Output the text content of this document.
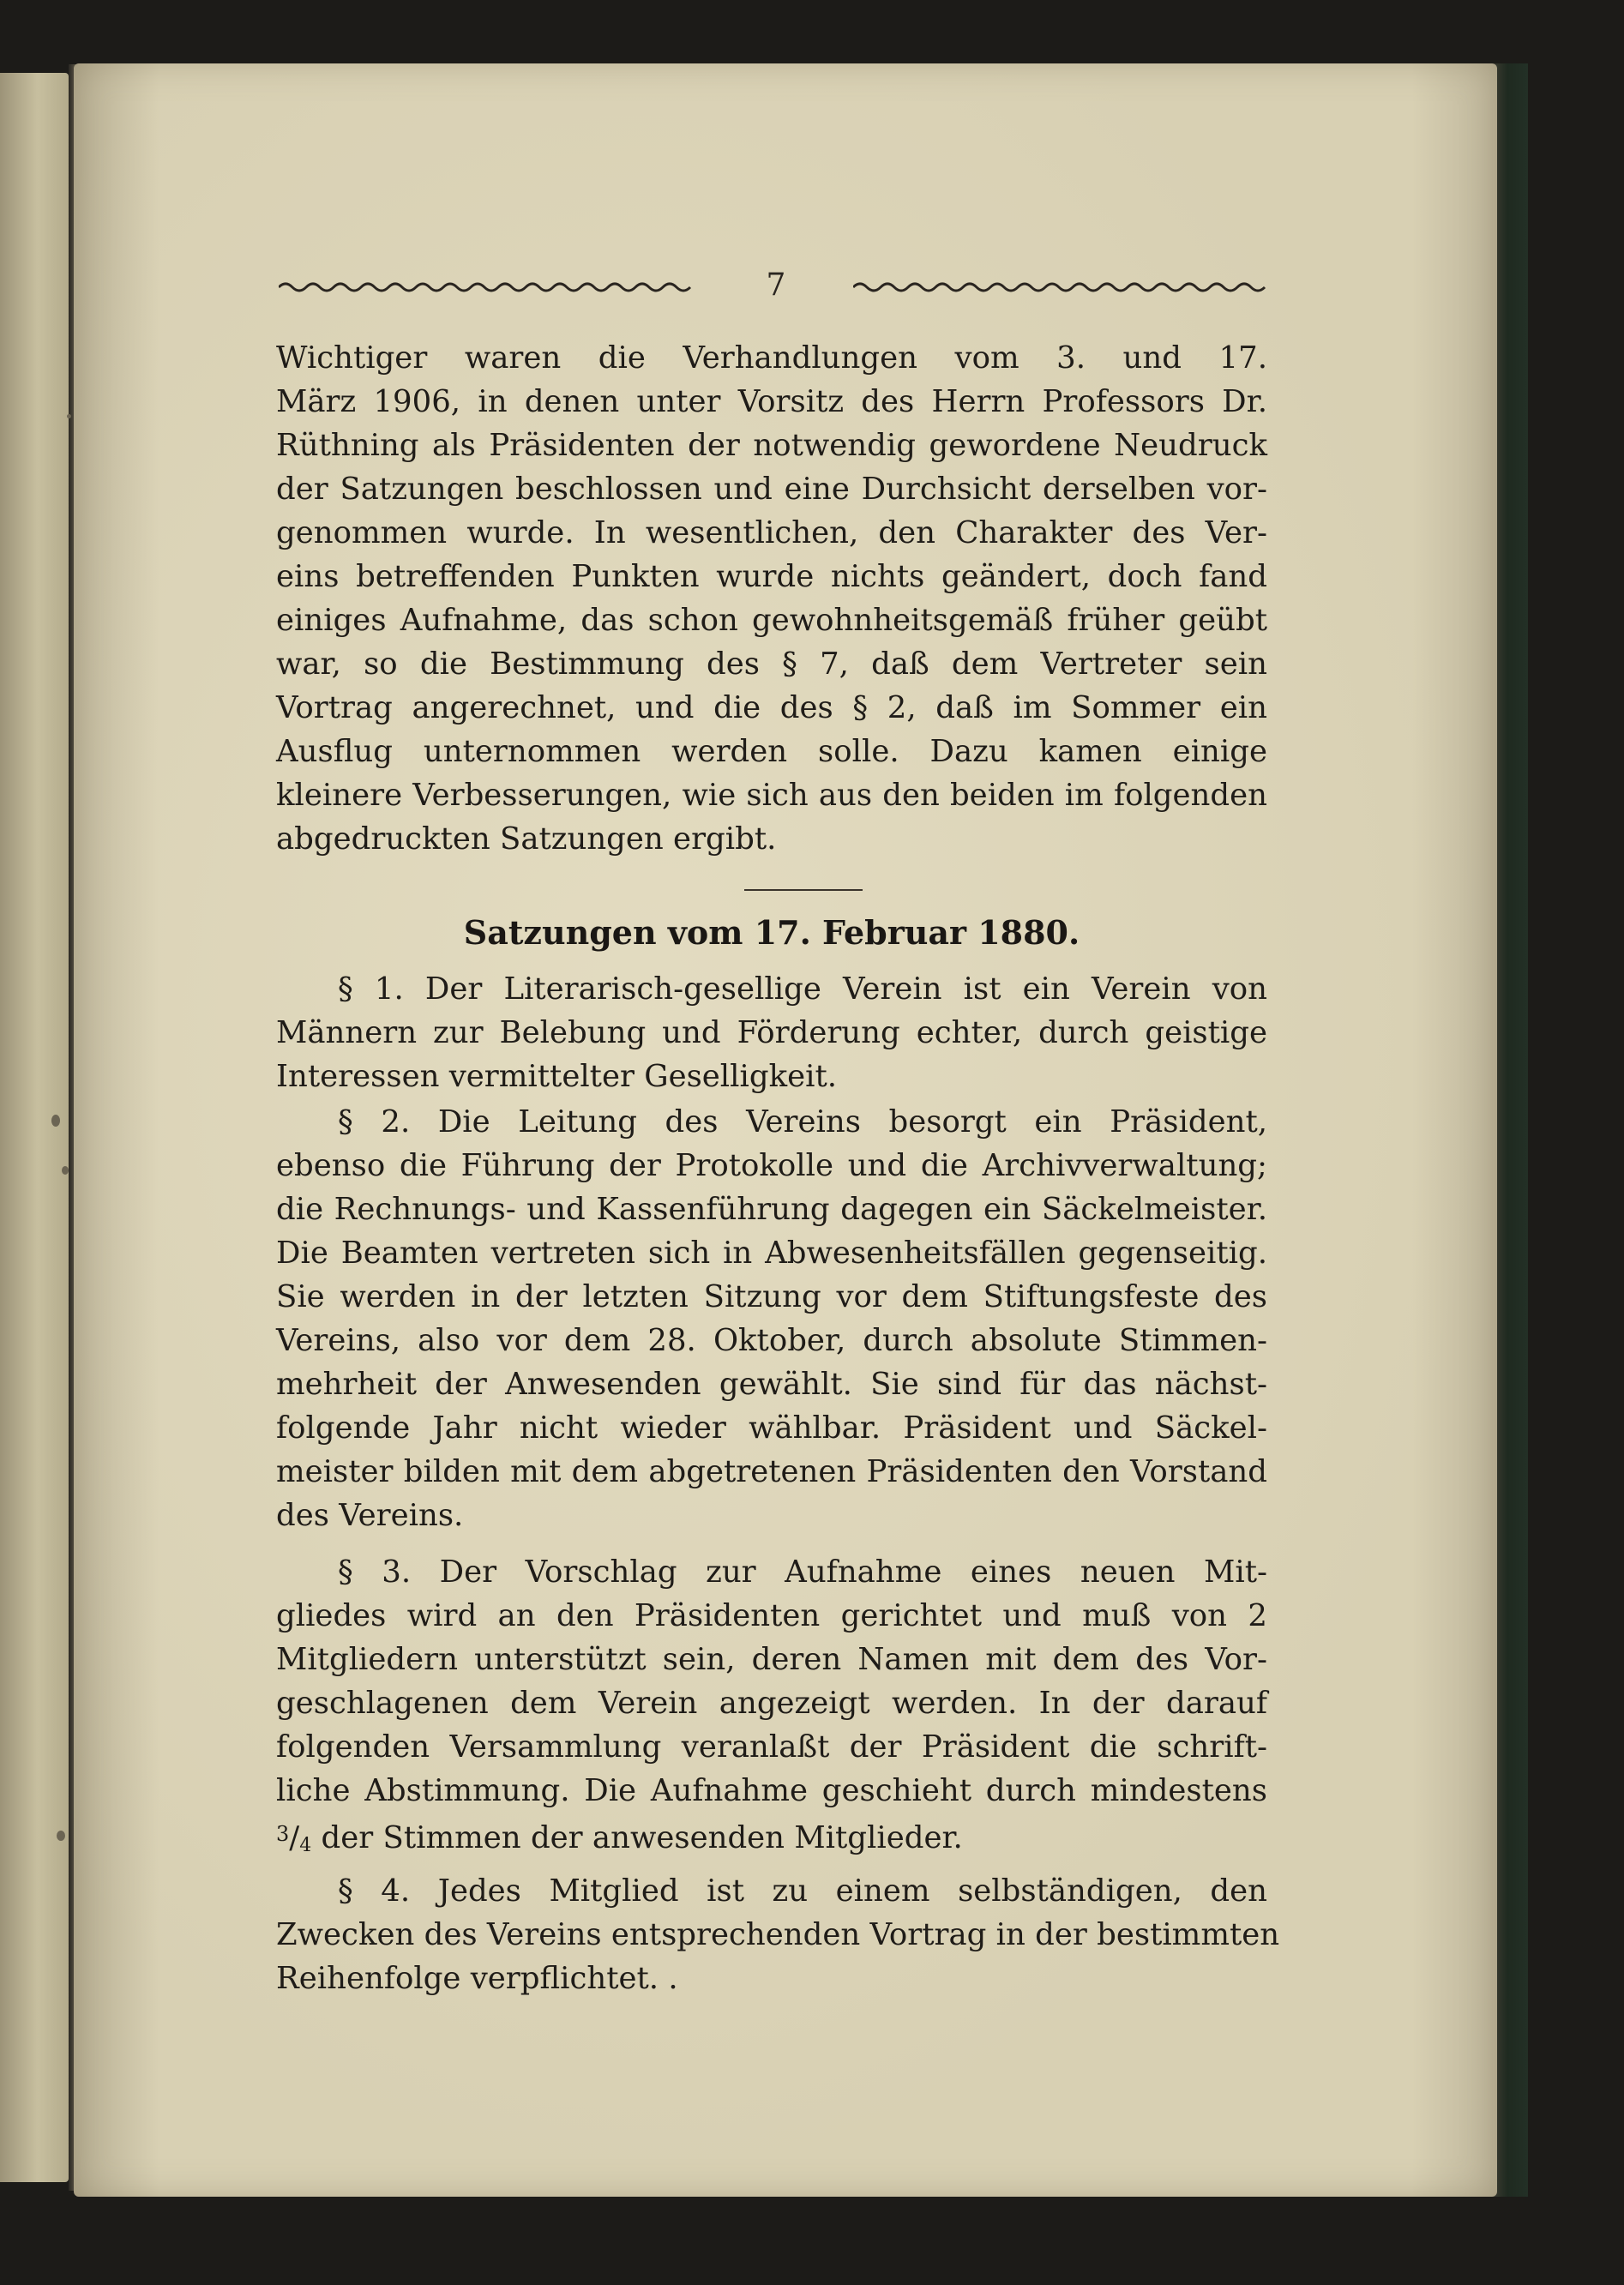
7

Wichtiger waren die Verhandlungen vom 3. und 17.
März 1906, in denen unter Vorsitz des Herrn Professors Dr.
Rüthning als Präsidenten der notwendig gewordene Neudruck
der Satzungen beschlossen und eine Durchsicht derselben vor-
genommen wurde. In wesentlichen, den Charakter des Ver-
eins betreffenden Punkten wurde nichts geändert, doch fand
einiges Aufnahme, das schon gewohnheitsgemäß früher geübt
war, so die Bestimmung des § 7, daß dem Vertreter sein
Vortrag angerechnet, und die des § 2, daß im Sommer ein
Ausflug unternommen werden solle. Dazu kamen einige
kleinere Verbesserungen, wie sich aus den beiden im folgenden
abgedruckten Satzungen ergibt.

Satzungen vom 17. Februar 1880.

§ 1. Der Literarisch-gesellige Verein ist ein Verein von
Männern zur Belebung und Förderung echter, durch geistige
Interessen vermittelter Geselligkeit.

§ 2. Die Leitung des Vereins besorgt ein Präsident,
ebenso die Führung der Protokolle und die Archivverwaltung;
die Rechnungs- und Kassenführung dagegen ein Säckelmeister.
Die Beamten vertreten sich in Abwesenheitsfällen gegenseitig.
Sie werden in der letzten Sitzung vor dem Stiftungsfeste des
Vereins, also vor dem 28. Oktober, durch absolute Stimmen-
mehrheit der Anwesenden gewählt. Sie sind für das nächst-
folgende Jahr nicht wieder wählbar. Präsident und Säckel-
meister bilden mit dem abgetretenen Präsidenten den Vorstand
des Vereins.

§ 3. Der Vorschlag zur Aufnahme eines neuen Mit-
gliedes wird an den Präsidenten gerichtet und muß von 2
Mitgliedern unterstützt sein, deren Namen mit dem des Vor-
geschlagenen dem Verein angezeigt werden. In der darauf
folgenden Versammlung veranlaßt der Präsident die schrift-
liche Abstimmung. Die Aufnahme geschieht durch mindestens
$^3$/4 der Stimmen der anwesenden Mitglieder.

§ 4. Jedes Mitglied ist zu einem selbständigen, den
Zwecken des Vereins entsprechenden Vortrag in der bestimmten
Reihenfolge verpflichtet. .
